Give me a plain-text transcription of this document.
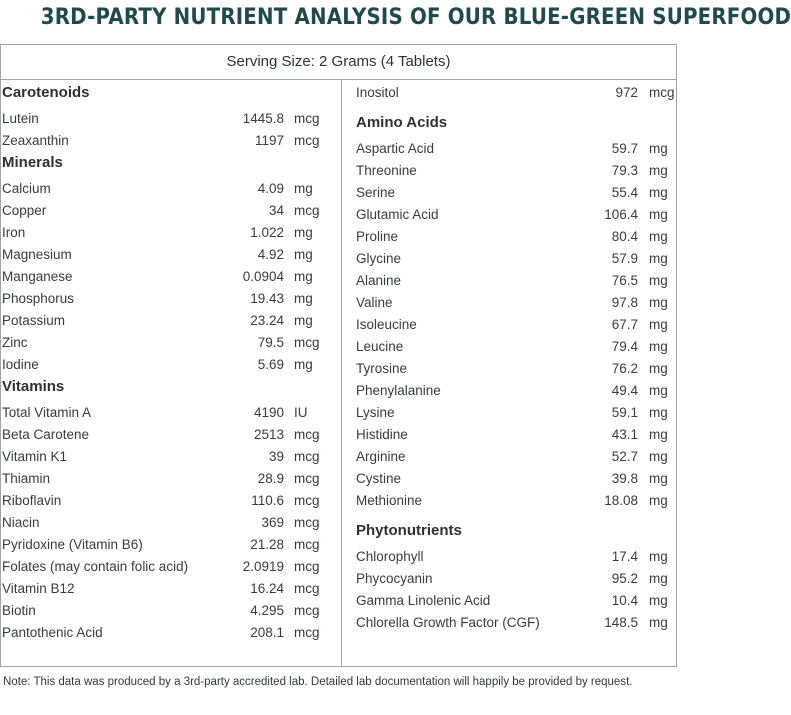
3RD-PARTY NUTRIENT ANALYSIS OF OUR BLUE-GREEN SUPERFOOD
Serving Size: 2 Grams (4 Tablets)
Carotenoids
Lutein	1445.8 mcg
Zeaxanthin	1197 mcg
Minerals
Calcium	4.09 mg
Copper	34 mcg
Iron	1.022 mg
Magnesium	4.92 mg
Manganese	0.0904 mg
Phosphorus	19.43 mg
Potassium	23.24 mg
Zinc	79.5 mcg
Iodine	5.69 mg
Vitamins
Total Vitamin A	4190 IU
Beta Carotene	2513 mcg
Vitamin K1	39 mcg
Thiamin	28.9 mcg
Riboflavin	110.6 mcg
Niacin	369 mcg
Pyridoxine (Vitamin B6)	21.28 mcg
Folates (may contain folic acid)	2.0919 mcg
Vitamin B12	16.24 mcg
Biotin	4.295 mcg
Pantothenic Acid	208.1 mcg
Inositol	972 mcg
Amino Acids
Aspartic Acid	59.7 mg
Threonine	79.3 mg
Serine	55.4 mg
Glutamic Acid	106.4 mg
Proline	80.4 mg
Glycine	57.9 mg
Alanine	76.5 mg
Valine	97.8 mg
Isoleucine	67.7 mg
Leucine	79.4 mg
Tyrosine	76.2 mg
Phenylalanine	49.4 mg
Lysine	59.1 mg
Histidine	43.1 mg
Arginine	52.7 mg
Cystine	39.8 mg
Methionine	18.08 mg
Phytonutrients
Chlorophyll	17.4 mg
Phycocyanin	95.2 mg
Gamma Linolenic Acid	10.4 mg
Chlorella Growth Factor (CGF)	148.5 mg
Note: This data was produced by a 3rd-party accredited lab. Detailed lab documentation will happily be provided by request.
